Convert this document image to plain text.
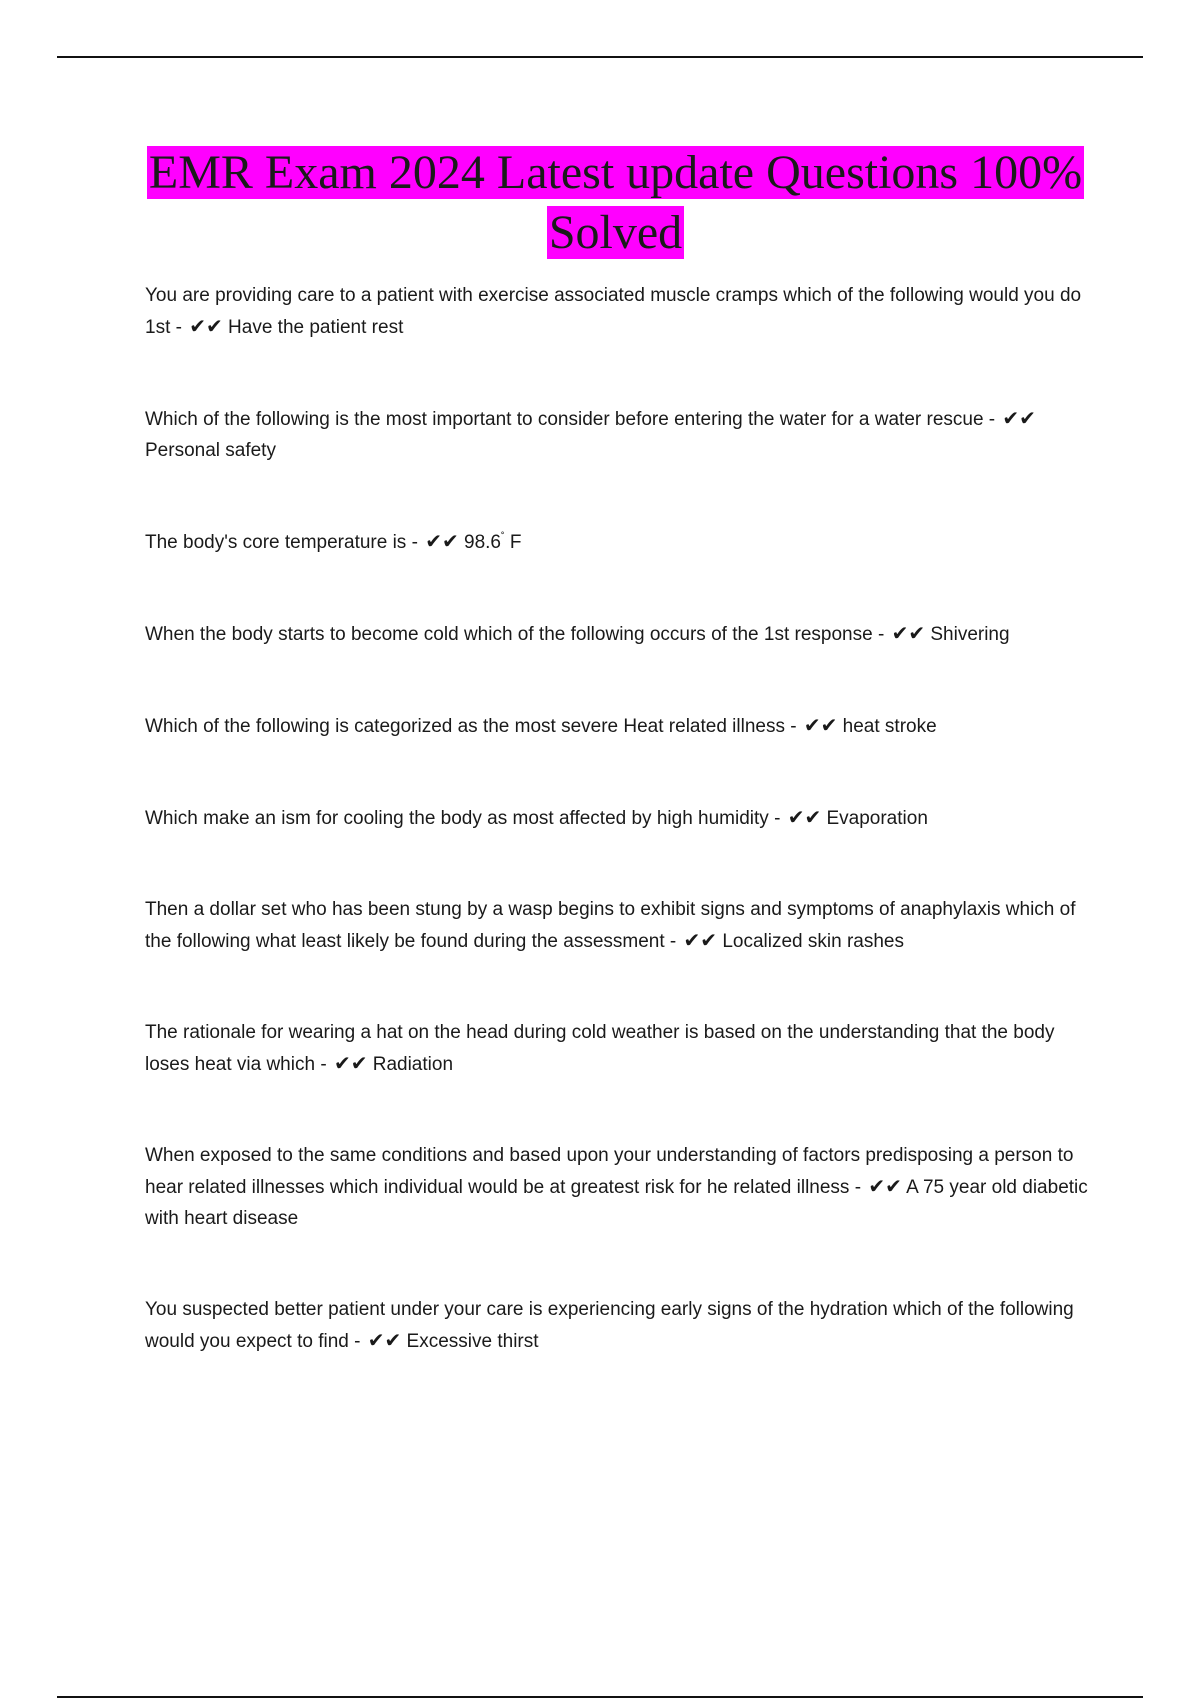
EMR Exam 2024 Latest update Questions 100% Solved

You are providing care to a patient with exercise associated muscle cramps which of the following would you do 1st - ✔✔ Have the patient rest

Which of the following is the most important to consider before entering the water for a water rescue - ✔✔ Personal safety

The body's core temperature is - ✔✔ 98.6˚ F

When the body starts to become cold which of the following occurs of the 1st response - ✔✔ Shivering

Which of the following is categorized as the most severe Heat related illness - ✔✔ heat stroke

Which make an ism for cooling the body as most affected by high humidity - ✔✔ Evaporation

Then a dollar set who has been stung by a wasp begins to exhibit signs and symptoms of anaphylaxis which of the following what least likely be found during the assessment - ✔✔ Localized skin rashes

The rationale for wearing a hat on the head during cold weather is based on the understanding that the body loses heat via which - ✔✔ Radiation

When exposed to the same conditions and based upon your understanding of factors predisposing a person to hear related illnesses which individual would be at greatest risk for he related illness - ✔✔ A 75 year old diabetic with heart disease

You suspected better patient under your care is experiencing early signs of the hydration which of the following would you expect to find - ✔✔ Excessive thirst
